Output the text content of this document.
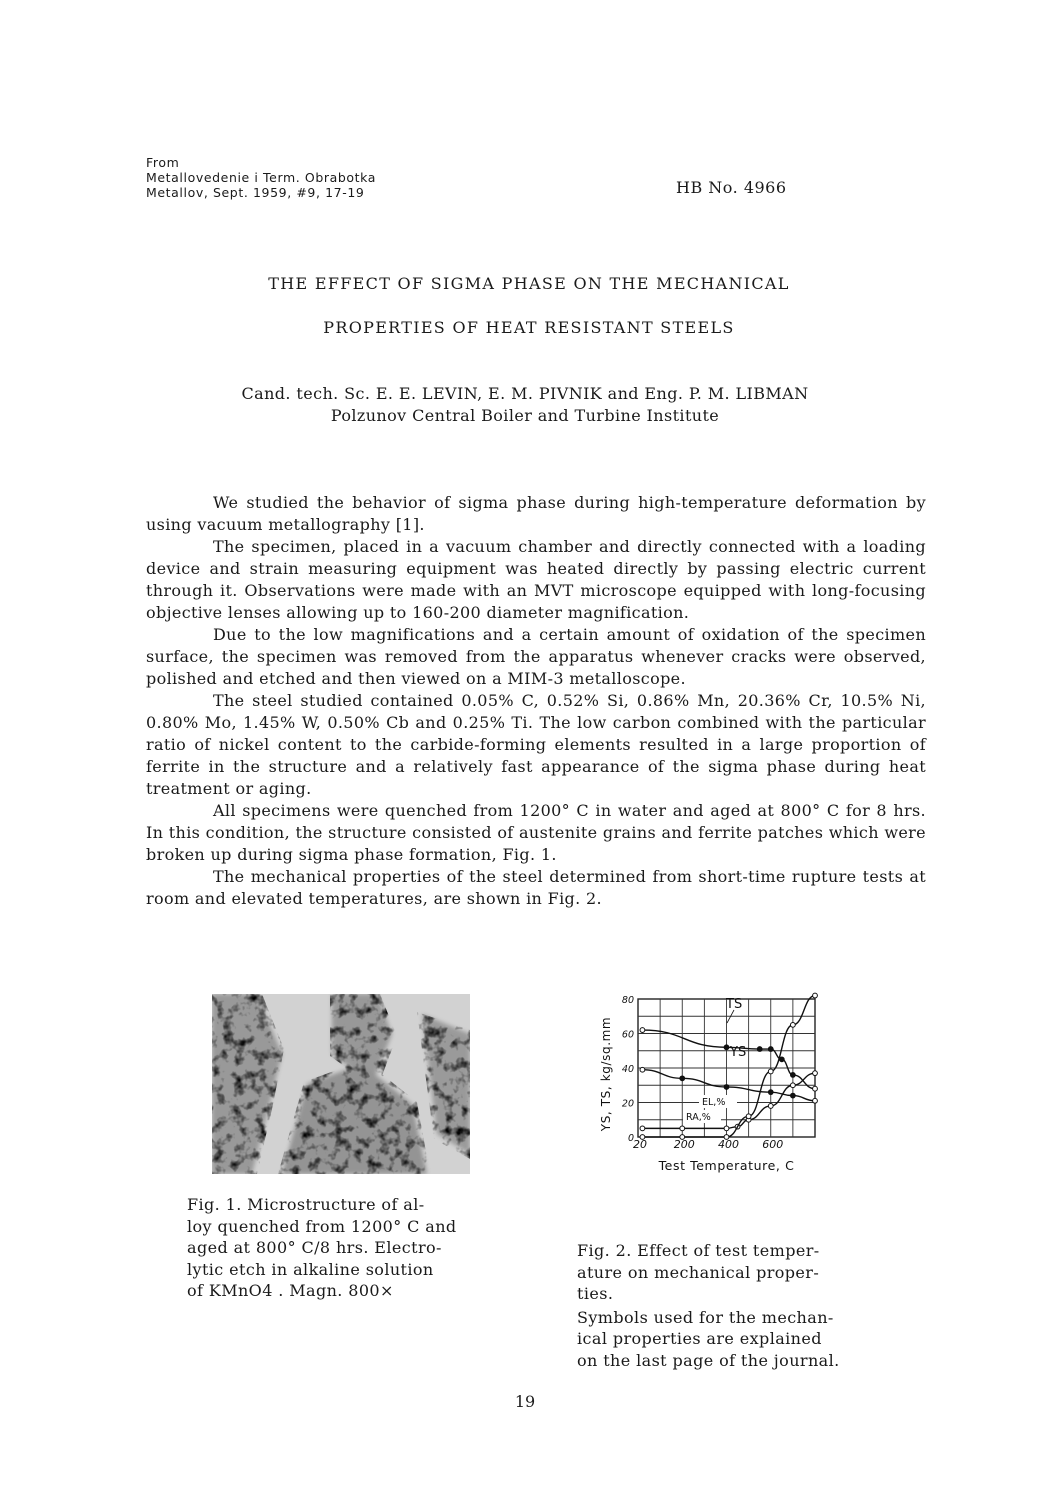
From
Metallovedenie i Term. Obrabotka
Metallov, Sept. 1959, #9, 17-19	HB No. 4966
THE EFFECT OF SIGMA PHASE ON THE MECHANICAL
PROPERTIES OF HEAT RESISTANT STEELS
Cand. tech. Sc. E. E. LEVIN, E. M. PIVNIK and Eng. P. M. LIBMAN
Polzunov Central Boiler and Turbine Institute

We studied the behavior of sigma phase during high-temperature deformation by using vacuum metallography [1].

The specimen, placed in a vacuum chamber and directly connected with a loading device and strain measuring equipment was heated directly by passing electric current through it. Observations were made with an MVT microscope equipped with long-focusing objective lenses allowing up to 160-200 diameter magnification.

Due to the low magnifications and a certain amount of oxidation of the specimen surface, the specimen was removed from the apparatus whenever cracks were observed, polished and etched and then viewed on a MIM-3 metalloscope.

The steel studied contained 0.05% C, 0.52% Si, 0.86% Mn, 20.36% Cr, 10.5% Ni, 0.80% Mo, 1.45% W, 0.50% Cb and 0.25% Ti. The low carbon combined with the particular ratio of nickel content to the carbide-forming elements resulted in a large proportion of ferrite in the structure and a relatively fast appearance of the sigma phase during heat treatment or aging.

All specimens were quenched from 1200° C in water and aged at 800° C for 8 hrs. In this condition, the structure consisted of austenite grains and ferrite patches which were broken up during sigma phase formation, Fig. 1.

The mechanical properties of the steel determined from short-time rupture tests at room and elevated temperatures, are shown in Fig. 2.

Fig. 1. Microstructure of al-
loy quenched from 1200° C and
aged at 800° C/8 hrs. Electro-
lytic etch in alkaline solution
of KMnO4 . Magn. 800×
0
20
40
60
80
20 200 400 600
TS
YS
EL,%
RA,%
Test Temperature, C
YS, TS, kg/sq.mm
Fig. 2. Effect of test temper-
ature on mechanical proper-
ties.
Symbols used for the mechan-
ical properties are explained
on the last page of the journal.
19
